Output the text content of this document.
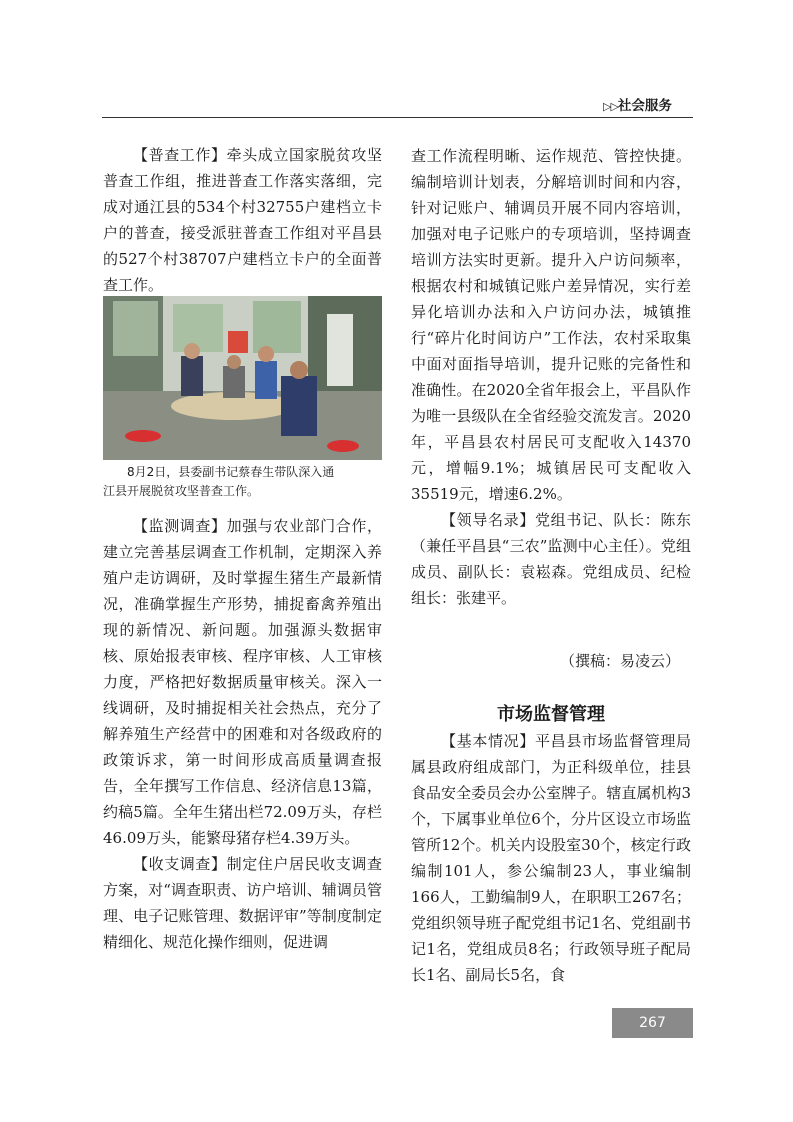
▷▷社会服务

【普查工作】牵头成立国家脱贫攻坚普查工作组，推进普查工作落实落细，完成对通江县的534个村32755户建档立卡户的普查，接受派驻普查工作组对平昌县的527个村38707户建档立卡户的全面普查工作。

8月2日，县委副书记蔡春生带队深入通
江县开展脱贫攻坚普查工作。

【监测调查】加强与农业部门合作，建立完善基层调查工作机制，定期深入养殖户走访调研，及时掌握生猪生产最新情况，准确掌握生产形势，捕捉畜禽养殖出现的新情况、新问题。加强源头数据审核、原始报表审核、程序审核、人工审核力度，严格把好数据质量审核关。深入一线调研，及时捕捉相关社会热点，充分了解养殖生产经营中的困难和对各级政府的政策诉求，第一时间形成高质量调查报告，全年撰写工作信息、经济信息13篇，约稿5篇。全年生猪出栏72.09万头，存栏46.09万头，能繁母猪存栏4.39万头。

【收支调查】制定住户居民收支调查方案，对“调查职责、访户培训、辅调员管理、电子记账管理、数据评审”等制度制定精细化、规范化操作细则，促进调

查工作流程明晰、运作规范、管控快捷。编制培训计划表，分解培训时间和内容，针对记账户、辅调员开展不同内容培训，加强对电子记账户的专项培训，坚持调查培训方法实时更新。提升入户访问频率，根据农村和城镇记账户差异情况，实行差异化培训办法和入户访问办法，城镇推行“碎片化时间访户”工作法，农村采取集中面对面指导培训，提升记账的完备性和准确性。在2020全省年报会上，平昌队作为唯一县级队在全省经验交流发言。2020年，平昌县农村居民可支配收入14370元，增幅9.1%；城镇居民可支配收入35519元，增速6.2%。

【领导名录】党组书记、队长：陈东（兼任平昌县“三农”监测中心主任）。党组成员、副队长：袁崧森。党组成员、纪检组长：张建平。

（撰稿：易凌云）
市场监督管理

【基本情况】平昌县市场监督管理局属县政府组成部门，为正科级单位，挂县食品安全委员会办公室牌子。辖直属机构3个，下属事业单位6个，分片区设立市场监管所12个。机关内设股室30个，核定行政编制101人，参公编制23人，事业编制166人，工勤编制9人，在职职工267名；党组织领导班子配党组书记1名、党组副书记1名，党组成员8名；行政领导班子配局长1名、副局长5名，食

267
